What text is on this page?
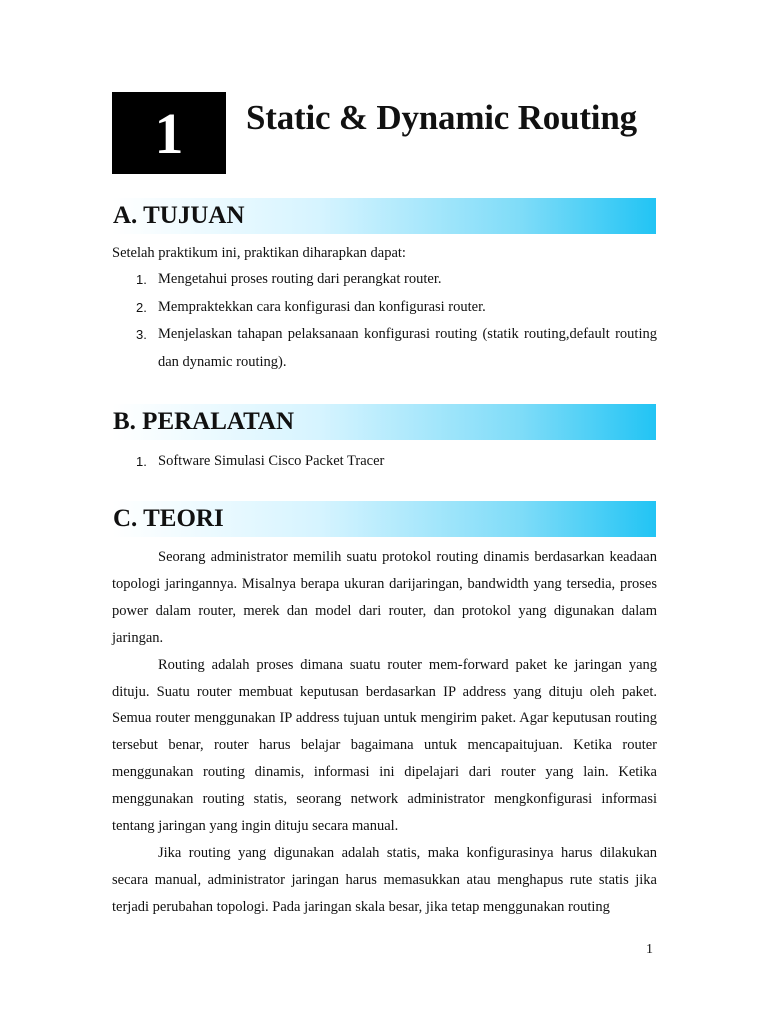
1 Static & Dynamic Routing
A. TUJUAN

Setelah praktikum ini, praktikan diharapkan dapat:

1. Mengetahui proses routing dari perangkat router.
2. Mempraktekkan cara konfigurasi dan konfigurasi router.
3. Menjelaskan tahapan pelaksanaan konfigurasi routing (statik routing,default routing dan dynamic routing).
B. PERALATAN
1. Software Simulasi Cisco Packet Tracer
C. TEORI

Seorang administrator memilih suatu protokol routing dinamis berdasarkan keadaan topologi jaringannya. Misalnya berapa ukuran darijaringan, bandwidth yang tersedia, proses power dalam router, merek dan model dari router, dan protokol yang digunakan dalam jaringan.

Routing adalah proses dimana suatu router mem-forward paket ke jaringan yang dituju. Suatu router membuat keputusan berdasarkan IP address yang dituju oleh paket. Semua router menggunakan IP address tujuan untuk mengirim paket. Agar keputusan routing tersebut benar, router harus belajar bagaimana untuk mencapaitujuan. Ketika router menggunakan routing dinamis, informasi ini dipelajari dari router yang lain. Ketika menggunakan routing statis, seorang network administrator mengkonfigurasi informasi tentang jaringan yang ingin dituju secara manual.

Jika routing yang digunakan adalah statis, maka konfigurasinya harus dilakukan secara manual, administrator jaringan harus memasukkan atau menghapus rute statis jika terjadi perubahan topologi. Pada jaringan skala besar, jika tetap menggunakan routing

1
